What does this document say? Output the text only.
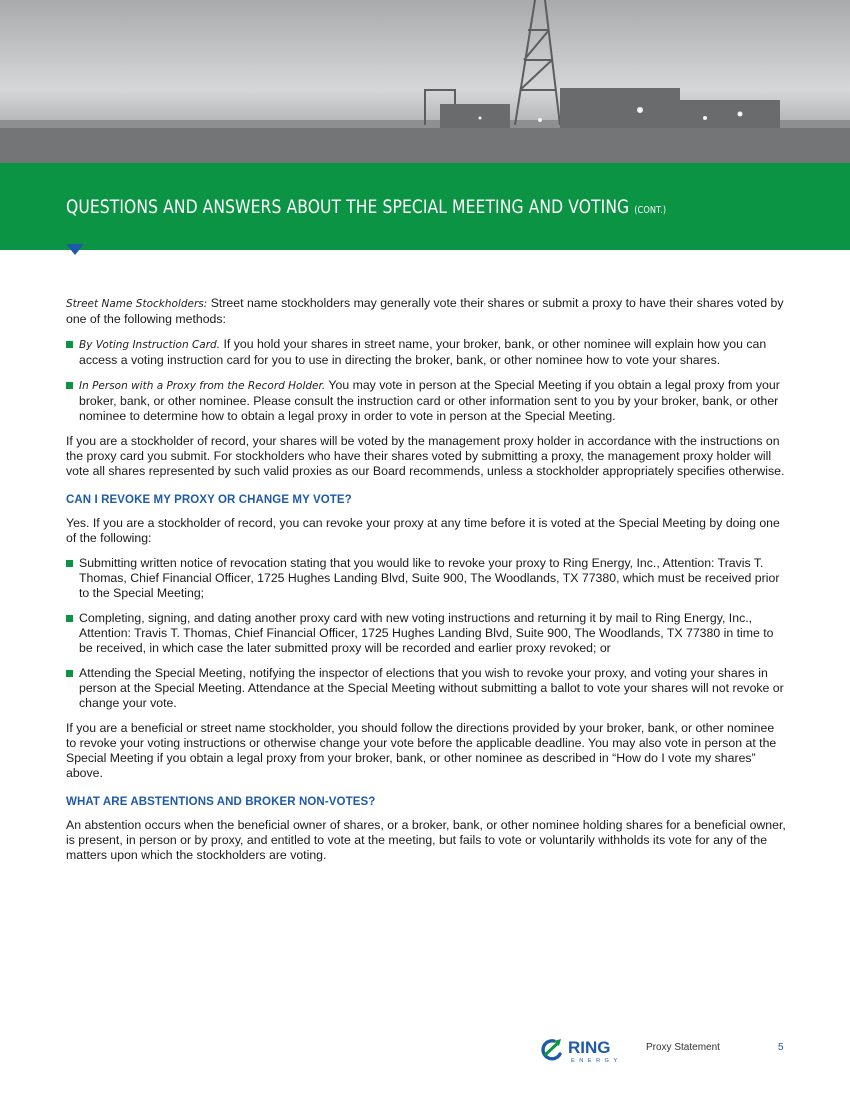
QUESTIONS AND ANSWERS ABOUT THE SPECIAL MEETING AND VOTING (CONT.)

Street Name Stockholders: Street name stockholders may generally vote their shares or submit a proxy to have their shares voted by one of the following methods:

By Voting Instruction Card. If you hold your shares in street name, your broker, bank, or other nominee will explain how you can access a voting instruction card for you to use in directing the broker, bank, or other nominee how to vote your shares.
In Person with a Proxy from the Record Holder. You may vote in person at the Special Meeting if you obtain a legal proxy from your broker, bank, or other nominee. Please consult the instruction card or other information sent to you by your broker, bank, or other nominee to determine how to obtain a legal proxy in order to vote in person at the Special Meeting.

If you are a stockholder of record, your shares will be voted by the management proxy holder in accordance with the instructions on the proxy card you submit. For stockholders who have their shares voted by submitting a proxy, the management proxy holder will vote all shares represented by such valid proxies as our Board recommends, unless a stockholder appropriately specifies otherwise.

CAN I REVOKE MY PROXY OR CHANGE MY VOTE?

Yes. If you are a stockholder of record, you can revoke your proxy at any time before it is voted at the Special Meeting by doing one of the following:

Submitting written notice of revocation stating that you would like to revoke your proxy to Ring Energy, Inc., Attention: Travis T. Thomas, Chief Financial Officer, 1725 Hughes Landing Blvd, Suite 900, The Woodlands, TX 77380, which must be received prior to the Special Meeting;
Completing, signing, and dating another proxy card with new voting instructions and returning it by mail to Ring Energy, Inc., Attention: Travis T. Thomas, Chief Financial Officer, 1725 Hughes Landing Blvd, Suite 900, The Woodlands, TX 77380 in time to be received, in which case the later submitted proxy will be recorded and earlier proxy revoked; or
Attending the Special Meeting, notifying the inspector of elections that you wish to revoke your proxy, and voting your shares in person at the Special Meeting. Attendance at the Special Meeting without submitting a ballot to vote your shares will not revoke or change your vote.

If you are a beneficial or street name stockholder, you should follow the directions provided by your broker, bank, or other nominee to revoke your voting instructions or otherwise change your vote before the applicable deadline. You may also vote in person at the Special Meeting if you obtain a legal proxy from your broker, bank, or other nominee as described in “How do I vote my shares” above.

WHAT ARE ABSTENTIONS AND BROKER NON-VOTES?

An abstention occurs when the beneficial owner of shares, or a broker, bank, or other nominee holding shares for a beneficial owner, is present, in person or by proxy, and entitled to vote at the meeting, but fails to vote or voluntarily withholds its vote for any of the matters upon which the stockholders are voting.

RING
ENERGY
Proxy Statement	5
